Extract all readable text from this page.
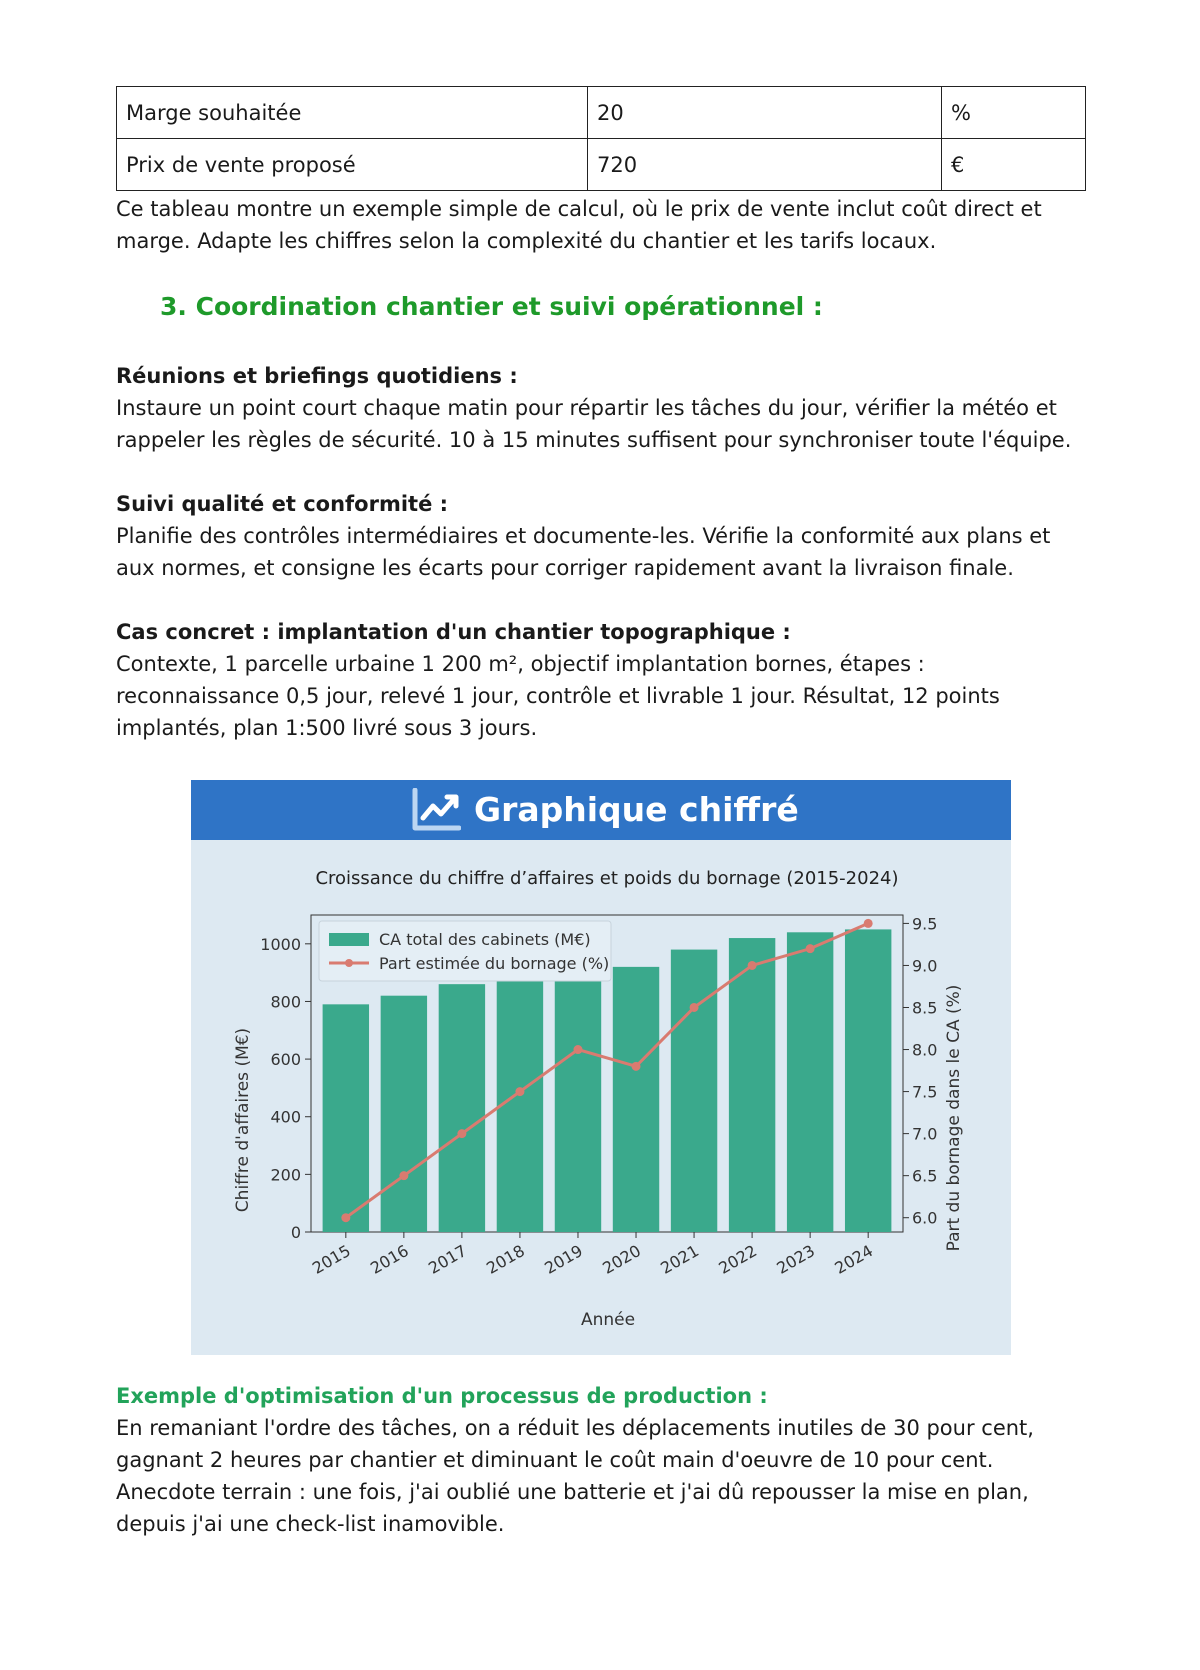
Marge souhaitée	20	%
Prix de vente proposé	720	€

Ce tableau montre un exemple simple de calcul, où le prix de vente inclut coût direct et marge. Adapte les chiffres selon la complexité du chantier et les tarifs locaux.

3. Coordination chantier et suivi opérationnel :

Réunions et briefings quotidiens :

Instaure un point court chaque matin pour répartir les tâches du jour, vérifier la météo et rappeler les règles de sécurité. 10 à 15 minutes suffisent pour synchroniser toute l'équipe.

Suivi qualité et conformité :

Planifie des contrôles intermédiaires et documente-les. Vérifie la conformité aux plans et aux normes, et consigne les écarts pour corriger rapidement avant la livraison finale.

Cas concret : implantation d'un chantier topographique :

Contexte, 1 parcelle urbaine 1 200 m², objectif implantation bornes, étapes : reconnaissance 0,5 jour, relevé 1 jour, contrôle et livrable 1 jour. Résultat, 12 points implantés, plan 1:500 livré sous 3 jours.

Exemple d'optimisation d'un processus de production :

En remaniant l'ordre des tâches, on a réduit les déplacements inutiles de 30 pour cent, gagnant 2 heures par chantier et diminuant le coût main d'oeuvre de 10 pour cent. Anecdote terrain : une fois, j'ai oublié une batterie et j'ai dû repousser la mise en plan, depuis j'ai une check-list inamovible.

Graphique chiffré
Croissance du chiffre d’affaires et poids du bornage (2015-2024)
0
200
400
600
800
1000
6.0
6.5
7.0
7.5
8.0
8.5
9.0
9.5
2015 2016 2017 2018 2019 2020 2021 2022 2023 2024
CA total des cabinets (M€)
Part estimée du bornage (%)
Année
Chiffre d'affaires (M€)	Part du bornage dans le CA (%)
